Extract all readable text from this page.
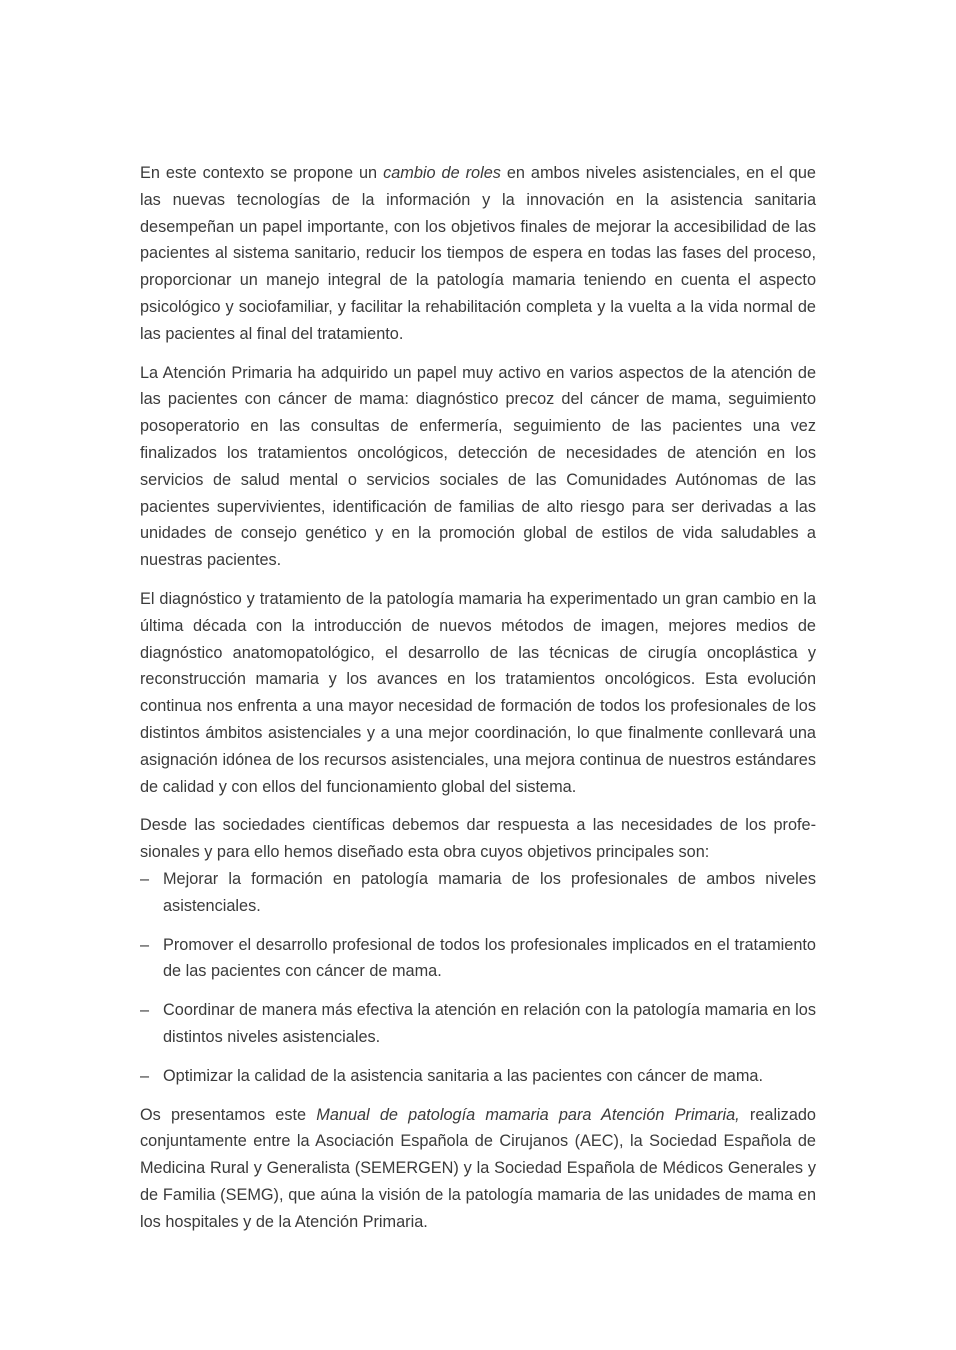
En este contexto se propone un cambio de roles en ambos niveles asistenciales, en el que las nuevas tecnologías de la información y la innovación en la asistencia sanitaria desempeñan un papel importante, con los objetivos finales de mejorar la accesibilidad de las pacientes al sistema sanitario, reducir los tiempos de espera en todas las fases del proceso, proporcionar un manejo integral de la patología mamaria teniendo en cuenta el aspecto psicológico y sociofamiliar, y facilitar la rehabilitación completa y la vuelta a la vida normal de las pacientes al final del tratamiento.

La Atención Primaria ha adquirido un papel muy activo en varios aspectos de la atención de las pacientes con cáncer de mama: diagnóstico precoz del cáncer de mama, seguimiento posoperatorio en las consultas de enfermería, seguimiento de las pacientes una vez finalizados los tratamientos oncológicos, detección de necesidades de atención en los servicios de salud mental o servicios sociales de las Comunidades Autónomas de las pacientes supervivientes, identificación de familias de alto riesgo para ser derivadas a las unidades de consejo genético y en la promoción global de estilos de vida saludables a nuestras pacientes.

El diagnóstico y tratamiento de la patología mamaria ha experimentado un gran cambio en la última década con la introducción de nuevos métodos de imagen, mejores medios de diagnóstico anatomopatológico, el desarrollo de las técnicas de cirugía oncoplástica y reconstrucción mamaria y los avances en los tratamientos oncológicos. Esta evolución continua nos enfrenta a una mayor necesidad de formación de todos los profesionales de los distintos ámbitos asistenciales y a una mejor coordinación, lo que finalmente conllevará una asignación idónea de los recursos asistenciales, una mejora continua de nuestros estándares de calidad y con ellos del funcionamiento global del sistema.

Desde las sociedades científicas debemos dar respuesta a las necesidades de los profesionales y para ello hemos diseñado esta obra cuyos objetivos principales son:

– Mejorar la formación en patología mamaria de los profesionales de ambos niveles asistenciales.
– Promover el desarrollo profesional de todos los profesionales implicados en el tratamiento de las pacientes con cáncer de mama.
– Coordinar de manera más efectiva la atención en relación con la patología mamaria en los distintos niveles asistenciales.
– Optimizar la calidad de la asistencia sanitaria a las pacientes con cáncer de mama.

Os presentamos este Manual de patología mamaria para Atención Primaria, realizado conjuntamente entre la Asociación Española de Cirujanos (AEC), la Sociedad Española de Medicina Rural y Generalista (SEMERGEN) y la Sociedad Española de Médicos Generales y de Familia (SEMG), que aúna la visión de la patología mamaria de las unidades de mama en los hospitales y de la Atención Primaria.
